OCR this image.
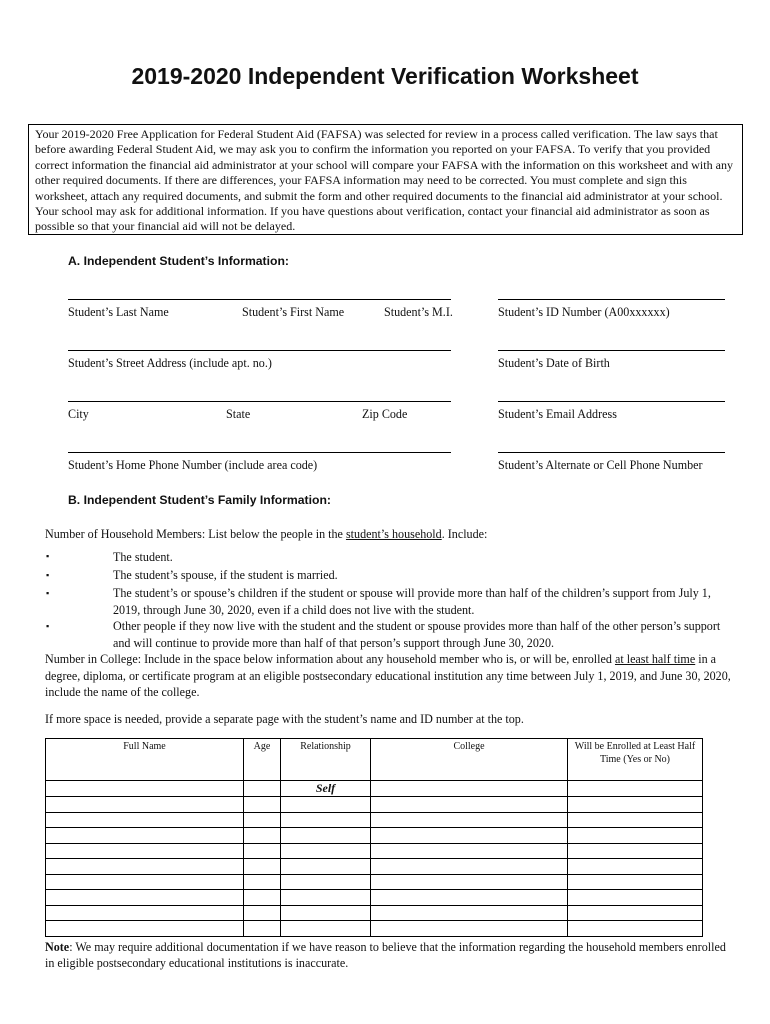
2019-2020 Independent Verification Worksheet
Your 2019-2020 Free Application for Federal Student Aid (FAFSA) was selected for review in a process called verification. The law says that before awarding Federal Student Aid, we may ask you to confirm the information you reported on your FAFSA. To verify that you provided correct information the financial aid administrator at your school will compare your FAFSA with the information on this worksheet and with any other required documents. If there are differences, your FAFSA information may need to be corrected. You must complete and sign this worksheet, attach any required documents, and submit the form and other required documents to the financial aid administrator at your school. Your school may ask for additional information. If you have questions about verification, contact your financial aid administrator as soon as possible so that your financial aid will not be delayed.
A. Independent Student’s Information:
Student’s Last Name	Student’s First Name	Student’s M.I.	Student’s ID Number (A00xxxxxx)
Student’s Street Address (include apt. no.)	Student’s Date of Birth
City	State	Zip Code	Student’s Email Address
Student’s Home Phone Number (include area code)	Student’s Alternate or Cell Phone Number
B. Independent Student’s Family Information:
Number of Household Members: List below the people in the student’s household. Include:
▪	The student.
▪	The student’s spouse, if the student is married.
▪	The student’s or spouse’s children if the student or spouse will provide more than half of the children’s support from July 1, 2019, through June 30, 2020, even if a child does not live with the student.
▪	Other people if they now live with the student and the student or spouse provides more than half of the other person’s support and will continue to provide more than half of that person’s support through June 30, 2020.
Number in College: Include in the space below information about any household member who is, or will be, enrolled at least half time in a degree, diploma, or certificate program at an eligible postsecondary educational institution any time between July 1, 2019, and June 30, 2020, include the name of the college.
If more space is needed, provide a separate page with the student’s name and ID number at the top.
Full Name	Age	Relationship	College	Will be Enrolled at Least Half Time (Yes or No)
		Self		

Note: We may require additional documentation if we have reason to believe that the information regarding the household members enrolled in eligible postsecondary educational institutions is inaccurate.
